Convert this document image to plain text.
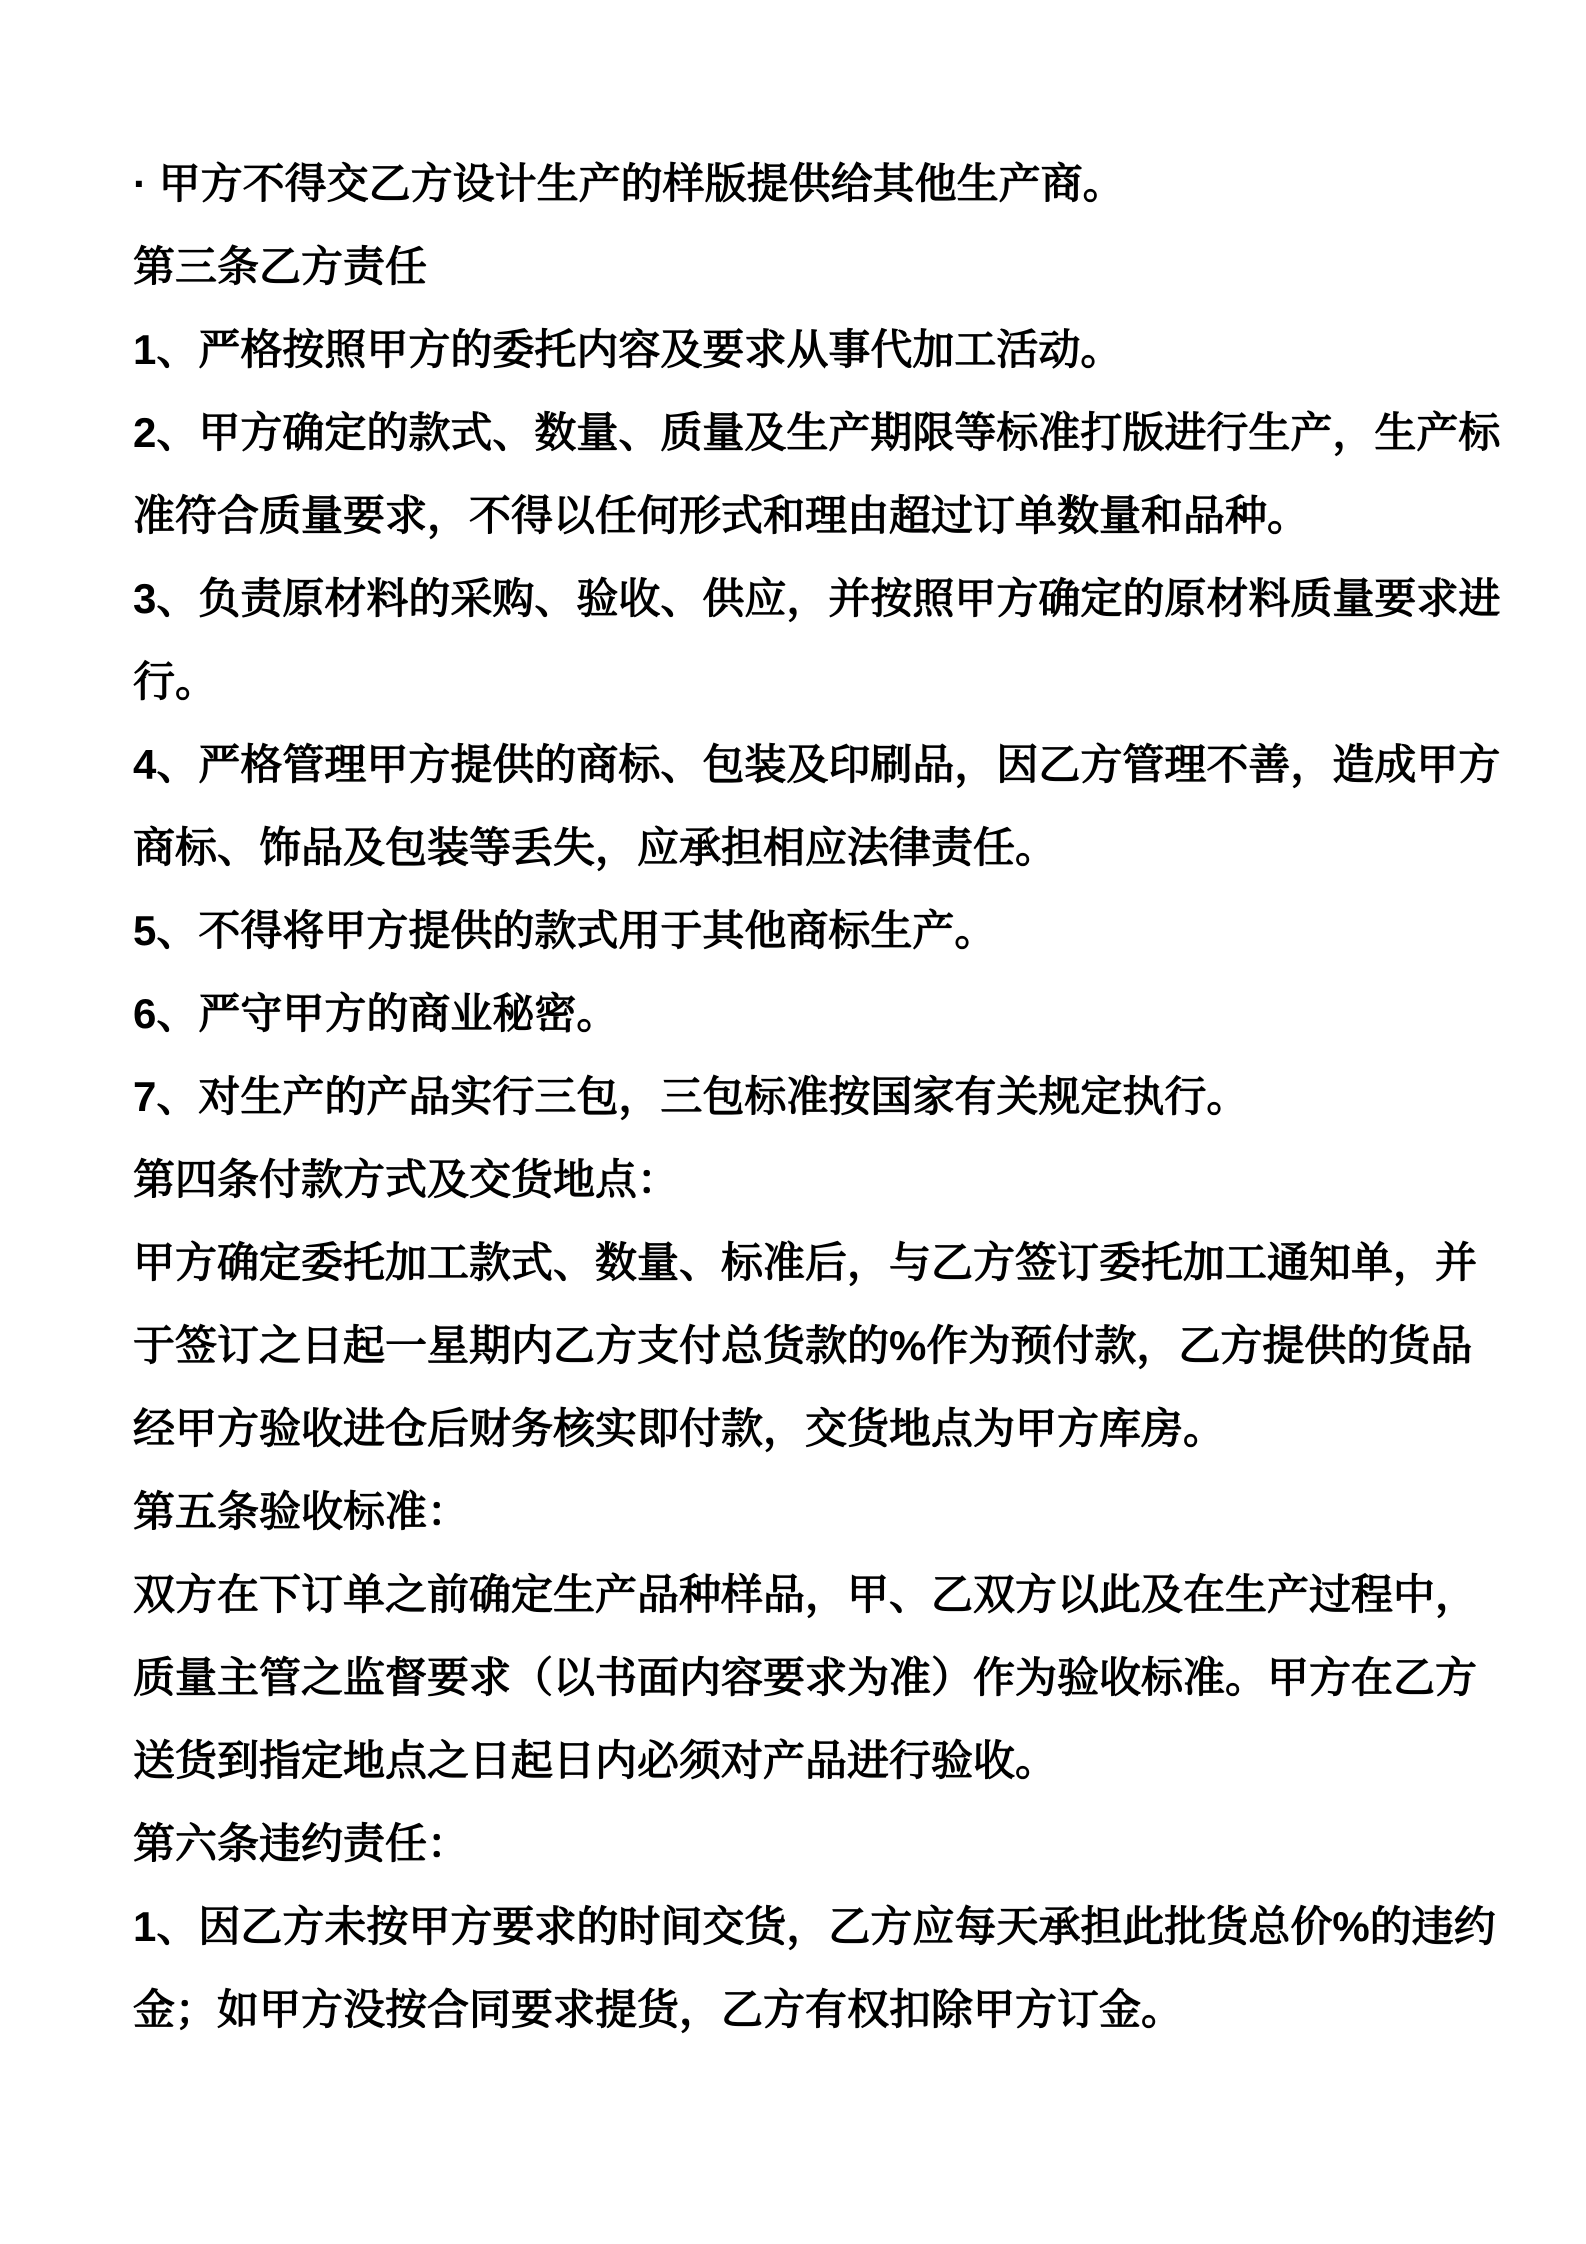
· 甲方不得交乙方设计生产的样版提供给其他生产商。
第三条乙方责任
1、严格按照甲方的委托内容及要求从事代加工活动。
2、甲方确定的款式、数量、质量及生产期限等标准打版进行生产，生产标
准符合质量要求，不得以任何形式和理由超过订单数量和品种。
3、负责原材料的采购、验收、供应，并按照甲方确定的原材料质量要求进
行。
4、严格管理甲方提供的商标、包装及印刷品，因乙方管理不善，造成甲方
商标、饰品及包装等丢失，应承担相应法律责任。
5、不得将甲方提供的款式用于其他商标生产。
6、严守甲方的商业秘密。
7、对生产的产品实行三包，三包标准按国家有关规定执行。
第四条付款方式及交货地点：
甲方确定委托加工款式、数量、标准后，与乙方签订委托加工通知单，并
于签订之日起一星期内乙方支付总货款的%作为预付款，乙方提供的货品
经甲方验收进仓后财务核实即付款，交货地点为甲方库房。
第五条验收标准：
双方在下订单之前确定生产品种样品，甲、乙双方以此及在生产过程中，
质量主管之监督要求（以书面内容要求为准）作为验收标准。甲方在乙方
送货到指定地点之日起日内必须对产品进行验收。
第六条违约责任：
1、因乙方未按甲方要求的时间交货，乙方应每天承担此批货总价%的违约
金；如甲方没按合同要求提货，乙方有权扣除甲方订金。
